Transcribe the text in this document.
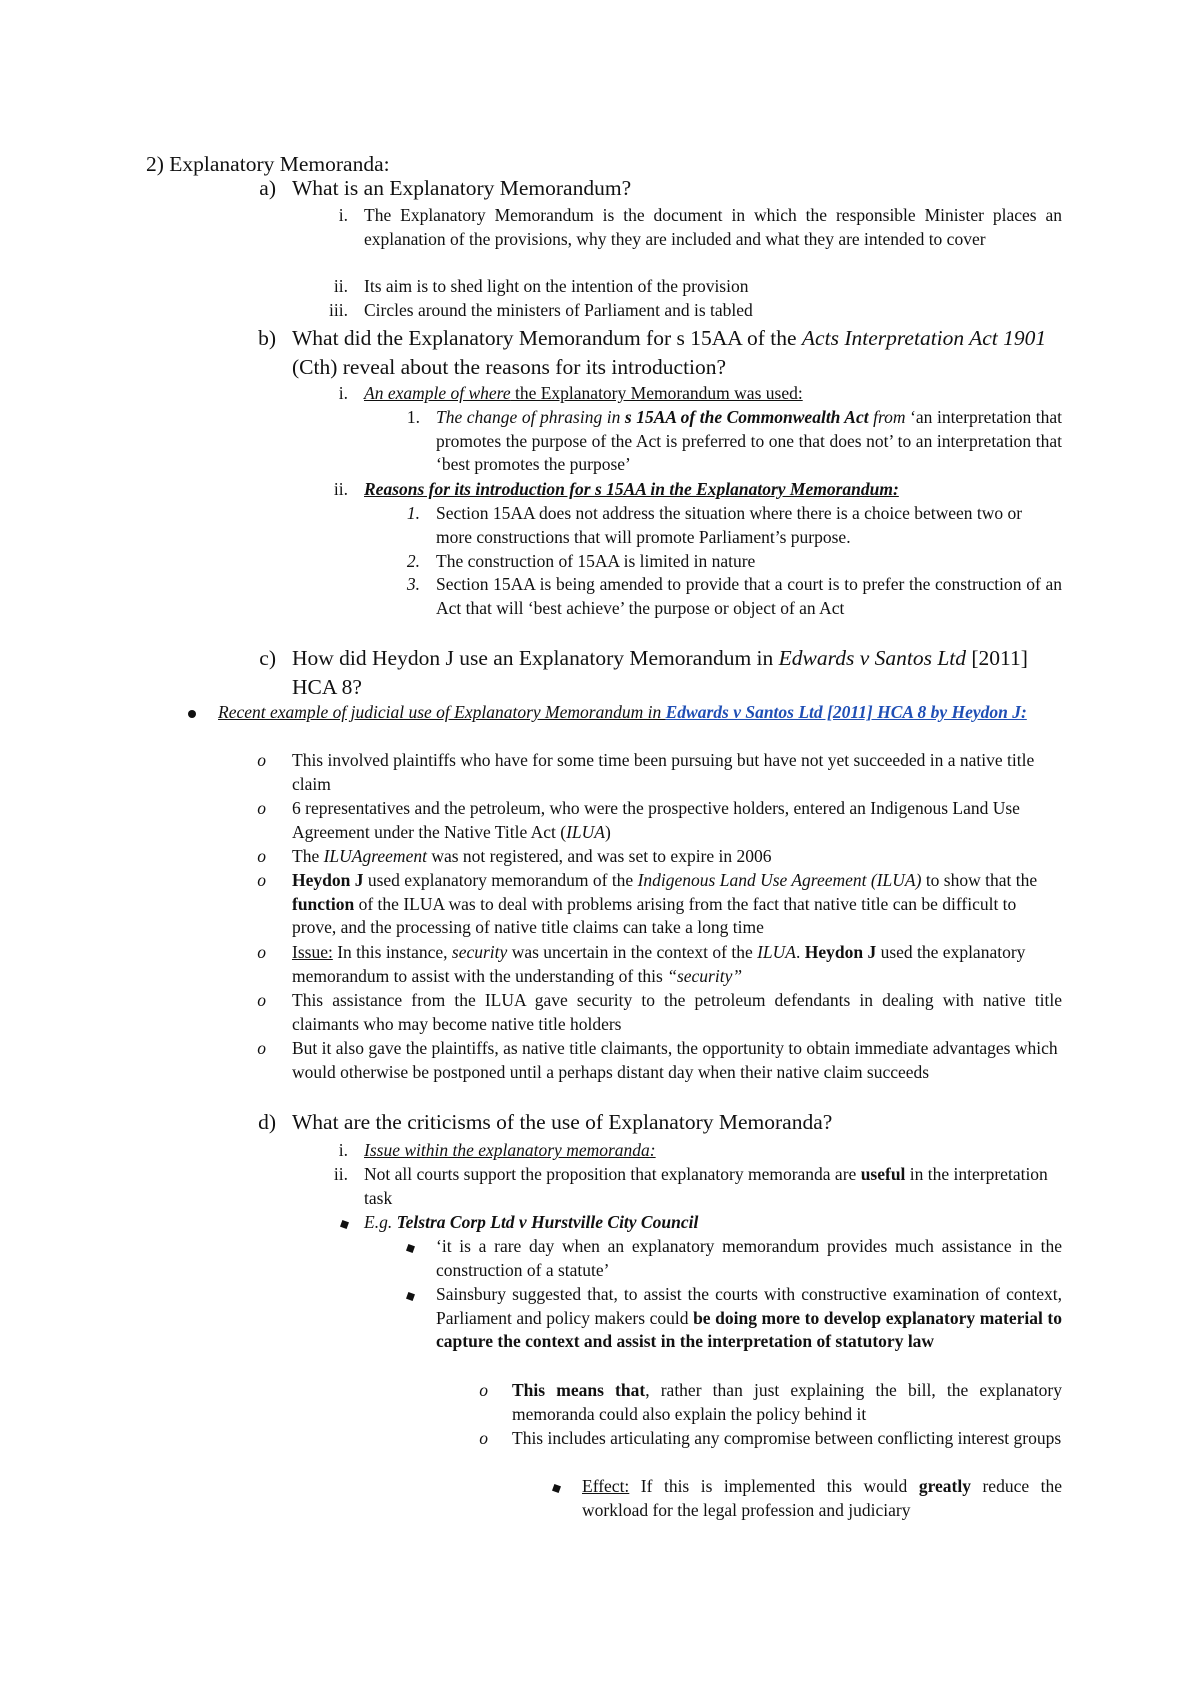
2) Explanatory Memoranda:
a) What is an Explanatory Memorandum?
i. The Explanatory Memorandum is the document in which the responsible Minister places an explanation of the provisions, why they are included and what they are intended to cover
ii. Its aim is to shed light on the intention of the provision
iii. Circles around the ministers of Parliament and is tabled
b) What did the Explanatory Memorandum for s 15AA of the Acts Interpretation Act 1901 (Cth) reveal about the reasons for its introduction?
i. An example of where the Explanatory Memorandum was used:
1. The change of phrasing in s 15AA of the Commonwealth Act from ‘an interpretation that promotes the purpose of the Act is preferred to one that does not’ to an interpretation that ‘best promotes the purpose’
ii. Reasons for its introduction for s 15AA in the Explanatory Memorandum:
1. Section 15AA does not address the situation where there is a choice between two or more constructions that will promote Parliament’s purpose.
2. The construction of 15AA is limited in nature
3. Section 15AA is being amended to provide that a court is to prefer the construction of an Act that will ‘best achieve’ the purpose or object of an Act
c) How did Heydon J use an Explanatory Memorandum in Edwards v Santos Ltd [2011] HCA 8?
Recent example of judicial use of Explanatory Memorandum in Edwards v Santos Ltd [2011] HCA 8 by Heydon J:
o	This involved plaintiffs who have for some time been pursuing but have not yet succeeded in a native title claim
o	6 representatives and the petroleum, who were the prospective holders, entered an Indigenous Land Use Agreement under the Native Title Act (ILUA)
o	The ILUAgreement was not registered, and was set to expire in 2006
o	Heydon J used explanatory memorandum of the Indigenous Land Use Agreement (ILUA) to show that the function of the ILUA was to deal with problems arising from the fact that native title can be difficult to prove, and the processing of native title claims can take a long time
o	Issue: In this instance, security was uncertain in the context of the ILUA. Heydon J used the explanatory memorandum to assist with the understanding of this “security”
o	This assistance from the ILUA gave security to the petroleum defendants in dealing with native title claimants who may become native title holders
o	But it also gave the plaintiffs, as native title claimants, the opportunity to obtain immediate advantages which would otherwise be postponed until a perhaps distant day when their native claim succeeds
d) What are the criticisms of the use of Explanatory Memoranda?
i. Issue within the explanatory memoranda:
ii. Not all courts support the proposition that explanatory memoranda are useful in the interpretation task
E.g. Telstra Corp Ltd v Hurstville City Council
‘it is a rare day when an explanatory memorandum provides much assistance in the construction of a statute’
Sainsbury suggested that, to assist the courts with constructive examination of context, Parliament and policy makers could be doing more to develop explanatory material to capture the context and assist in the interpretation of statutory law
o	This means that, rather than just explaining the bill, the explanatory memoranda could also explain the policy behind it
o	This includes articulating any compromise between conflicting interest groups
Effect: If this is implemented this would greatly reduce the workload for the legal profession and judiciary
